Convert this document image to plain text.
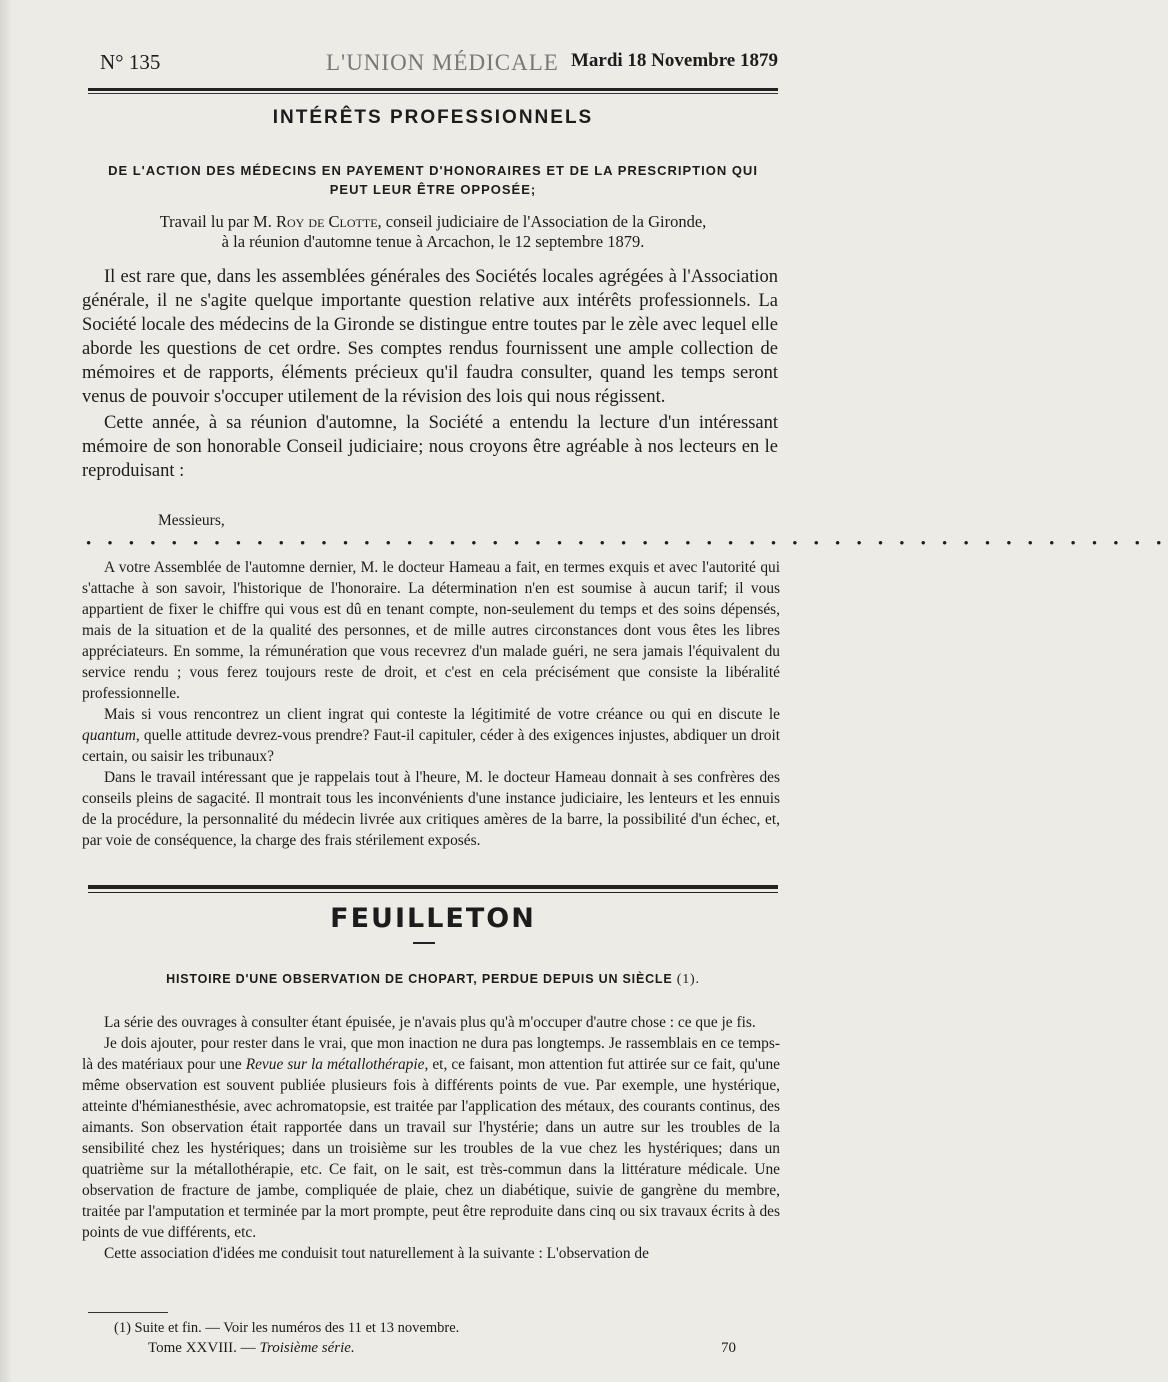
N° 135	L'UNION MÉDICALE Mardi 18 Novembre 1879
INTÉRÊTS PROFESSIONNELS
DE L'ACTION DES MÉDECINS EN PAYEMENT D'HONORAIRES ET DE LA PRESCRIPTION QUI
PEUT LEUR ÊTRE OPPOSÉE;
Travail lu par M. Roy de Clotte, conseil judiciaire de l'Association de la Gironde,
à la réunion d'automne tenue à Arcachon, le 12 septembre 1879.

Il est rare que, dans les assemblées générales des Sociétés locales agrégées à l'Association générale, il ne s'agite quelque importante question relative aux intérêts professionnels. La Société locale des médecins de la Gironde se distingue entre toutes par le zèle avec lequel elle aborde les questions de cet ordre. Ses comptes rendus fournissent une ample collection de mémoires et de rapports, éléments précieux qu'il faudra consulter, quand les temps seront venus de pouvoir s'occuper utilement de la révision des lois qui nous régissent.

Cette année, à sa réunion d'automne, la Société a entendu la lecture d'un intéressant mémoire de son honorable Conseil judiciaire; nous croyons être agréable à nos lecteurs en le reproduisant :

Messieurs,
• • • • • • • • • • • • • • • • • • • • • • • • • • • • • • • • • • • • • • • • • • • • • • • • • • •

A votre Assemblée de l'automne dernier, M. le docteur Hameau a fait, en termes exquis et avec l'autorité qui s'attache à son savoir, l'historique de l'honoraire. La détermination n'en est soumise à aucun tarif; il vous appartient de fixer le chiffre qui vous est dû en tenant compte, non-seulement du temps et des soins dépensés, mais de la situation et de la qualité des personnes, et de mille autres circonstances dont vous êtes les libres appréciateurs. En somme, la rémunération que vous recevrez d'un malade guéri, ne sera jamais l'équivalent du service rendu ; vous ferez toujours reste de droit, et c'est en cela précisément que consiste la libéralité professionnelle.

Mais si vous rencontrez un client ingrat qui conteste la légitimité de votre créance ou qui en discute le quantum, quelle attitude devrez-vous prendre? Faut-il capituler, céder à des exigences injustes, abdiquer un droit certain, ou saisir les tribunaux?

Dans le travail intéressant que je rappelais tout à l'heure, M. le docteur Hameau donnait à ses confrères des conseils pleins de sagacité. Il montrait tous les inconvénients d'une instance judiciaire, les lenteurs et les ennuis de la procédure, la personnalité du médecin livrée aux critiques amères de la barre, la possibilité d'un échec, et, par voie de conséquence, la charge des frais stérilement exposés.

FEUILLETON
HISTOIRE D'UNE OBSERVATION DE CHOPART, PERDUE DEPUIS UN SIÈCLE (1).

La série des ouvrages à consulter étant épuisée, je n'avais plus qu'à m'occuper d'autre chose : ce que je fis.

Je dois ajouter, pour rester dans le vrai, que mon inaction ne dura pas longtemps. Je rassemblais en ce temps-là des matériaux pour une Revue sur la métallothérapie, et, ce faisant, mon attention fut attirée sur ce fait, qu'une même observation est souvent publiée plusieurs fois à différents points de vue. Par exemple, une hystérique, atteinte d'hémianesthésie, avec achromatopsie, est traitée par l'application des métaux, des courants continus, des aimants. Son observation était rapportée dans un travail sur l'hystérie; dans un autre sur les troubles de la sensibilité chez les hystériques; dans un troisième sur les troubles de la vue chez les hystériques; dans un quatrième sur la métallothérapie, etc. Ce fait, on le sait, est très-commun dans la littérature médicale. Une observation de fracture de jambe, compliquée de plaie, chez un diabétique, suivie de gangrène du membre, traitée par l'amputation et terminée par la mort prompte, peut être reproduite dans cinq ou six travaux écrits à des points de vue différents, etc.

Cette association d'idées me conduisit tout naturellement à la suivante : L'observation de

(1) Suite et fin. — Voir les numéros des 11 et 13 novembre.
Tome XXVIII. — Troisième série.	70
